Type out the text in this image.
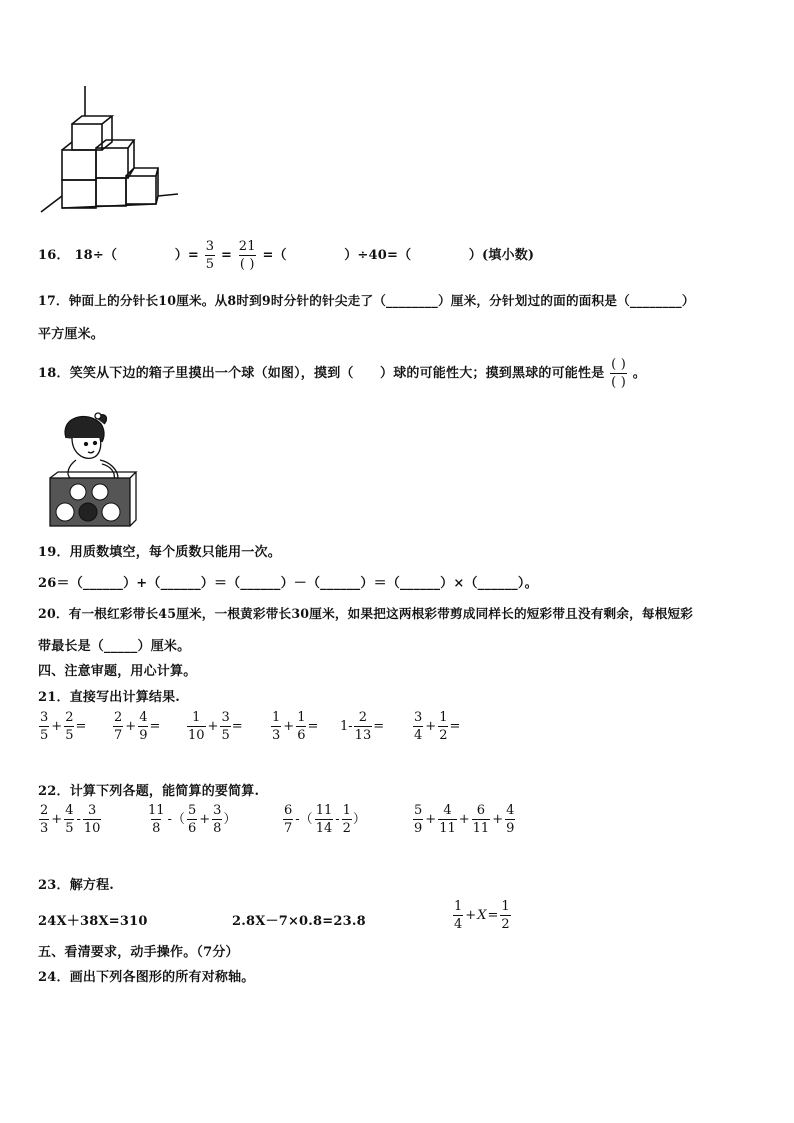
16． 18÷（	）= $\frac{3}{5} = \frac{21}{( )}$ =（	）÷40=（	）(填小数)
17．钟面上的分针长10厘米。从8时到9时分针的针尖走了（________）厘米，分针划过的面的面积是（________）
平方厘米。
18．笑笑从下边的箱子里摸出一个球（如图），摸到（　　）球的可能性大；摸到黑球的可能性是 $\frac{( )}{( )}$ 。
19．用质数填空，每个质数只能用一次。
26＝（______）+（______）＝（______）－（______）＝（______）×（______）。
20．有一根红彩带长45厘米，一根黄彩带长30厘米，如果把这两根彩带剪成同样长的短彩带且没有剩余，每根短彩
带最长是（_____）厘米。
四、注意审题，用心计算。
21．直接写出计算结果.
$\frac{3}{5} + \frac{2}{5} = \frac{2}{7} + \frac{4}{9} = \frac{1}{10} + \frac{3}{5} = \frac{1}{3} + \frac{1}{6} = 1- \frac{2}{13} = \frac{3}{4} + \frac{1}{2}$ =
22．计算下列各题，能简算的要简算.
$\frac{2}{3} + \frac{4}{5} - \frac{3}{10}$	$\frac{11}{8}$ -（ $\frac{5}{6} + \frac{3}{8}$ ）	$\frac{6}{7}$ -（ $\frac{11}{14} - \frac{1}{2}$ ）	$\frac{5}{9} + \frac{4}{11} + \frac{6}{11} + \frac{4}{9}$
23．解方程.
24X＋38X=310	2.8X－7×0.8=23.8	$\frac{1}{4} +X= \frac{1}{2}$
五、看清要求，动手操作。（7分）
24．画出下列各图形的所有对称轴。
